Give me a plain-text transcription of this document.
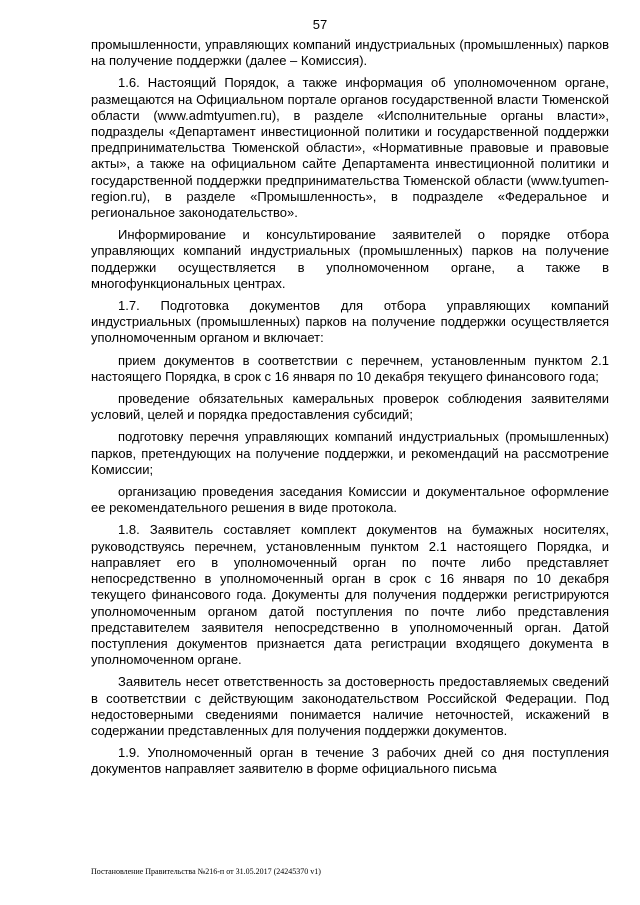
57

промышленности, управляющих компаний индустриальных (промышленных) парков на получение поддержки (далее – Комиссия).

1.6. Настоящий Порядок, а также информация об уполномоченном органе, размещаются на Официальном портале органов государственной власти Тюменской области (www.admtyumen.ru), в разделе «Исполнительные органы власти», подразделы «Департамент инвестиционной политики и государственной поддержки предпринимательства Тюменской области», «Нормативные правовые и правовые акты», а также на официальном сайте Департамента инвестиционной политики и государственной поддержки предпринимательства Тюменской области (www.tyumen-region.ru), в разделе «Промышленность», в подразделе «Федеральное и региональное законодательство».

Информирование и консультирование заявителей о порядке отбора управляющих компаний индустриальных (промышленных) парков на получение поддержки осуществляется в уполномоченном органе, а также в многофункциональных центрах.

1.7. Подготовка документов для отбора управляющих компаний индустриальных (промышленных) парков на получение поддержки осуществляется уполномоченным органом и включает:

прием документов в соответствии с перечнем, установленным пунктом 2.1 настоящего Порядка, в срок с 16 января по 10 декабря текущего финансового года;

проведение обязательных камеральных проверок соблюдения заявителями условий, целей и порядка предоставления субсидий;

подготовку перечня управляющих компаний индустриальных (промышленных) парков, претендующих на получение поддержки, и рекомендаций на рассмотрение Комиссии;

организацию проведения заседания Комиссии и документальное оформление ее рекомендательного решения в виде протокола.

1.8. Заявитель составляет комплект документов на бумажных носителях, руководствуясь перечнем, установленным пунктом 2.1 настоящего Порядка, и направляет его в уполномоченный орган по почте либо представляет непосредственно в уполномоченный орган в срок с 16 января по 10 декабря текущего финансового года. Документы для получения поддержки регистрируются уполномоченным органом датой поступления по почте либо представления представителем заявителя непосредственно в уполномоченный орган. Датой поступления документов признается дата регистрации входящего документа в уполномоченном органе.

Заявитель несет ответственность за достоверность предоставляемых сведений в соответствии с действующим законодательством Российской Федерации. Под недостоверными сведениями понимается наличие неточностей, искажений в содержании представленных для получения поддержки документов.

1.9. Уполномоченный орган в течение 3 рабочих дней со дня поступления документов направляет заявителю в форме официального письма

Постановление Правительства №216-п от 31.05.2017 (24245370 v1)
